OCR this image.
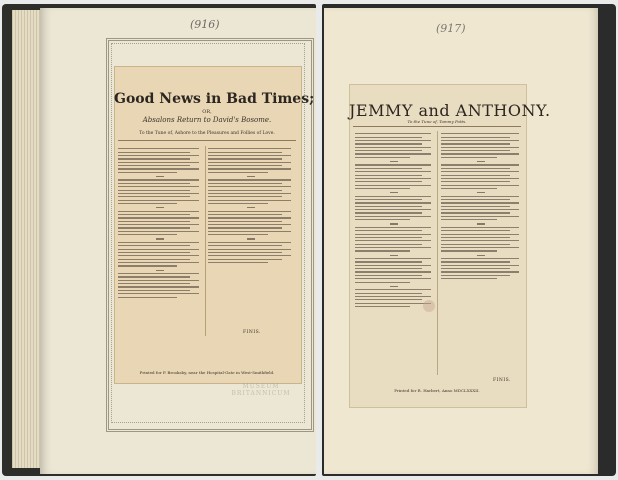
(916)
Good News in Bad Times;
OR,
Absalons Return to David's Bosome.
To the Tune of, Ashore to the Pleasures and Follies of Love.
FINIS.
Printed for P. Brooksby, near the Hospital-Gate in West-Smithfield.
MUSEUM BRITANNICUM
(917)
JEMMY and ANTHONY.
To the Tune of, Tommy Potts.
FINIS.
Printed for R. Harbert, Anno MDCLXXXII.
